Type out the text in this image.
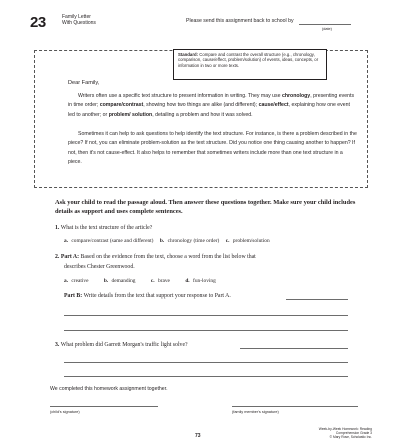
23	Family Letter
With Questions	Please send this assignment back to school by
(date)
Standard: Compare and contrast the overall structure (e.g., chronology, comparison, cause/effect, problem/solution) of events, ideas, concepts, or information in two or more texts.
Dear Family,
Writers often use a specific text structure to present information in writing. They may use chronology, presenting events in time order; compare/contrast, showing how two things are alike (and different); cause/effect, explaining how one event led to another; or problem/ solution, detailing a problem and how it was solved.
Sometimes it can help to ask questions to help identify the text structure. For instance, is there a problem described in the piece? If not, you can eliminate problem-solution as the text structure. Did you notice one thing causing another to happen? If not, then it's not cause-effect. It also helps to remember that sometimes writers include more than one text structure in a piece.
Ask your child to read the passage aloud. Then answer these questions together. Make sure your child includes details as support and uses complete sentences.
1. What is the text structure of the article?
a. compare/contrast (same and different) b. chronology (time order) c. problem/solution
2. Part A: Based on the evidence from the text, choose a word from the list below that
describes Chester Greenwood.
a. creative	b. demanding	c. brave	d. fun-loving
Part B: Write details from the text that support your response to Part A.
3. What problem did Garrett Morgan's traffic light solve?
We completed this homework assignment together.
(child's signature)	(family member's signature)
73
Week-by-Week Homework: Reading Comprehension Grade 3
© Mary Rose, Scholastic Inc.
